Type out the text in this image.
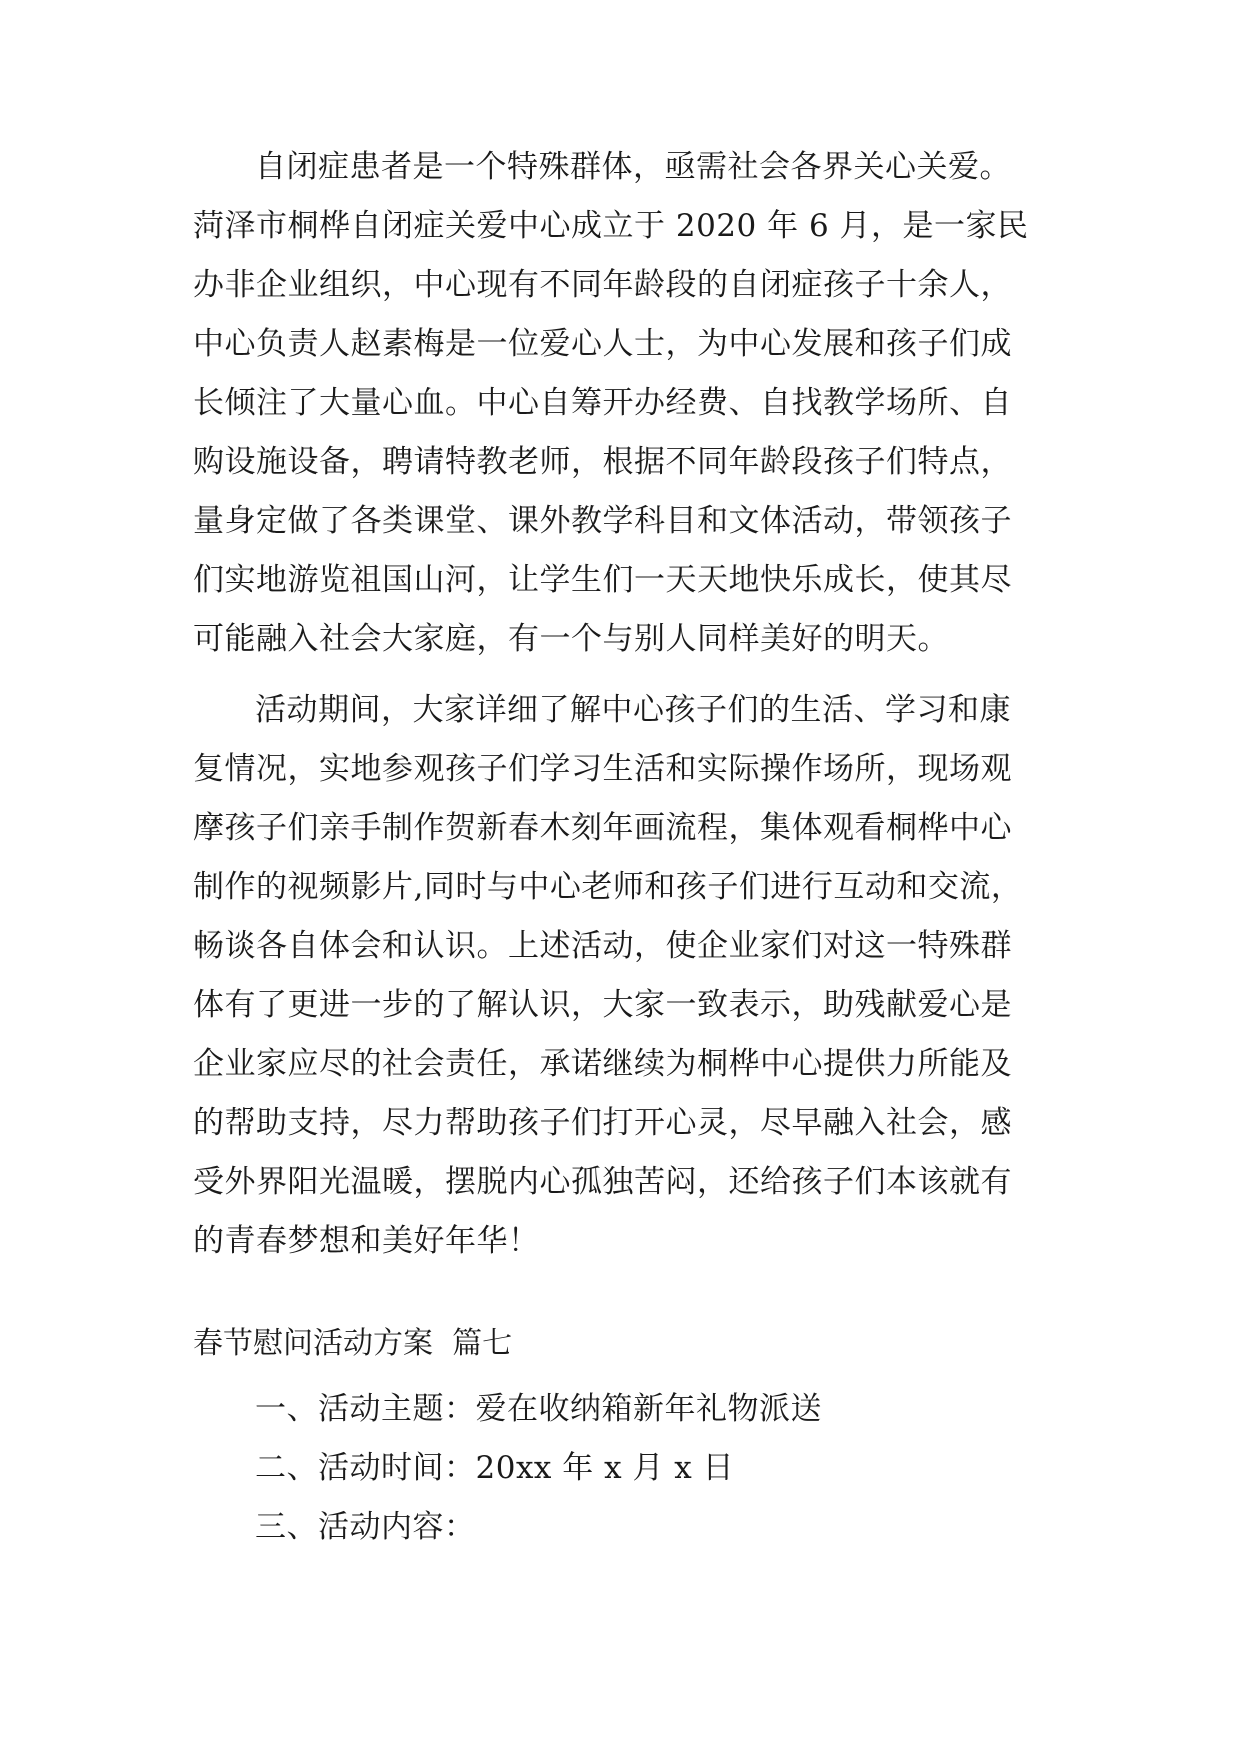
自闭症患者是一个特殊群体，亟需社会各界关心关爱。
菏泽市桐桦自闭症关爱中心成立于 2020 年 6 月，是一家民
办非企业组织，中心现有不同年龄段的自闭症孩子十余人，
中心负责人赵素梅是一位爱心人士，为中心发展和孩子们成
长倾注了大量心血。中心自筹开办经费、自找教学场所、自
购设施设备，聘请特教老师，根据不同年龄段孩子们特点，
量身定做了各类课堂、课外教学科目和文体活动，带领孩子
们实地游览祖国山河，让学生们一天天地快乐成长，使其尽
可能融入社会大家庭，有一个与别人同样美好的明天。
活动期间，大家详细了解中心孩子们的生活、学习和康
复情况，实地参观孩子们学习生活和实际操作场所，现场观
摩孩子们亲手制作贺新春木刻年画流程，集体观看桐桦中心
制作的视频影片,同时与中心老师和孩子们进行互动和交流，
畅谈各自体会和认识。上述活动，使企业家们对这一特殊群
体有了更进一步的了解认识，大家一致表示，助残献爱心是
企业家应尽的社会责任，承诺继续为桐桦中心提供力所能及
的帮助支持，尽力帮助孩子们打开心灵，尽早融入社会，感
受外界阳光温暖，摆脱内心孤独苦闷，还给孩子们本该就有
的青春梦想和美好年华！
春节慰问活动方案  篇七
一、活动主题：爱在收纳箱新年礼物派送
二、活动时间：20xx 年 x 月 x 日
三、活动内容：
